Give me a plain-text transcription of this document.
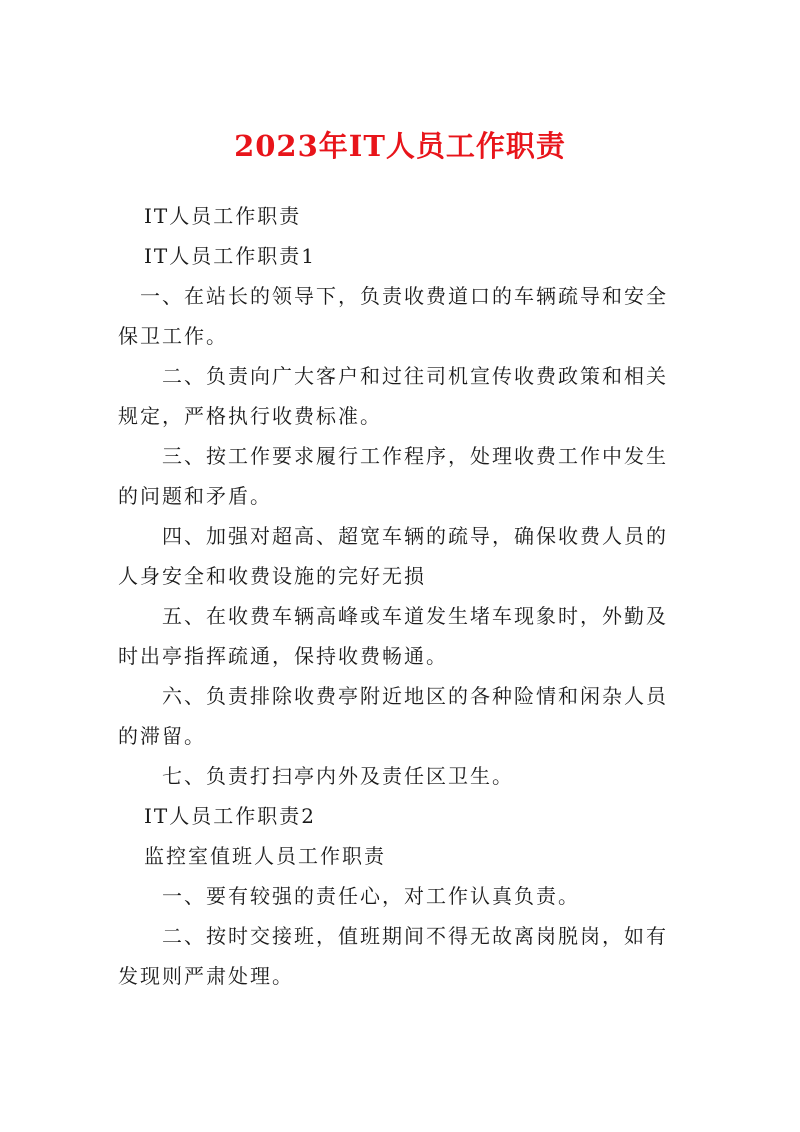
2023年IT人员工作职责

IT人员工作职责

IT人员工作职责1

一、在站长的领导下，负责收费道口的车辆疏导和安全保卫工作。

二、负责向广大客户和过往司机宣传收费政策和相关规定，严格执行收费标准。

三、按工作要求履行工作程序，处理收费工作中发生的问题和矛盾。

四、加强对超高、超宽车辆的疏导，确保收费人员的人身安全和收费设施的完好无损

五、在收费车辆高峰或车道发生堵车现象时，外勤及时出亭指挥疏通，保持收费畅通。

六、负责排除收费亭附近地区的各种险情和闲杂人员的滞留。

七、负责打扫亭内外及责任区卫生。

IT人员工作职责2

监控室值班人员工作职责

一、要有较强的责任心，对工作认真负责。

二、按时交接班，值班期间不得无故离岗脱岗，如有发现则严肃处理。
